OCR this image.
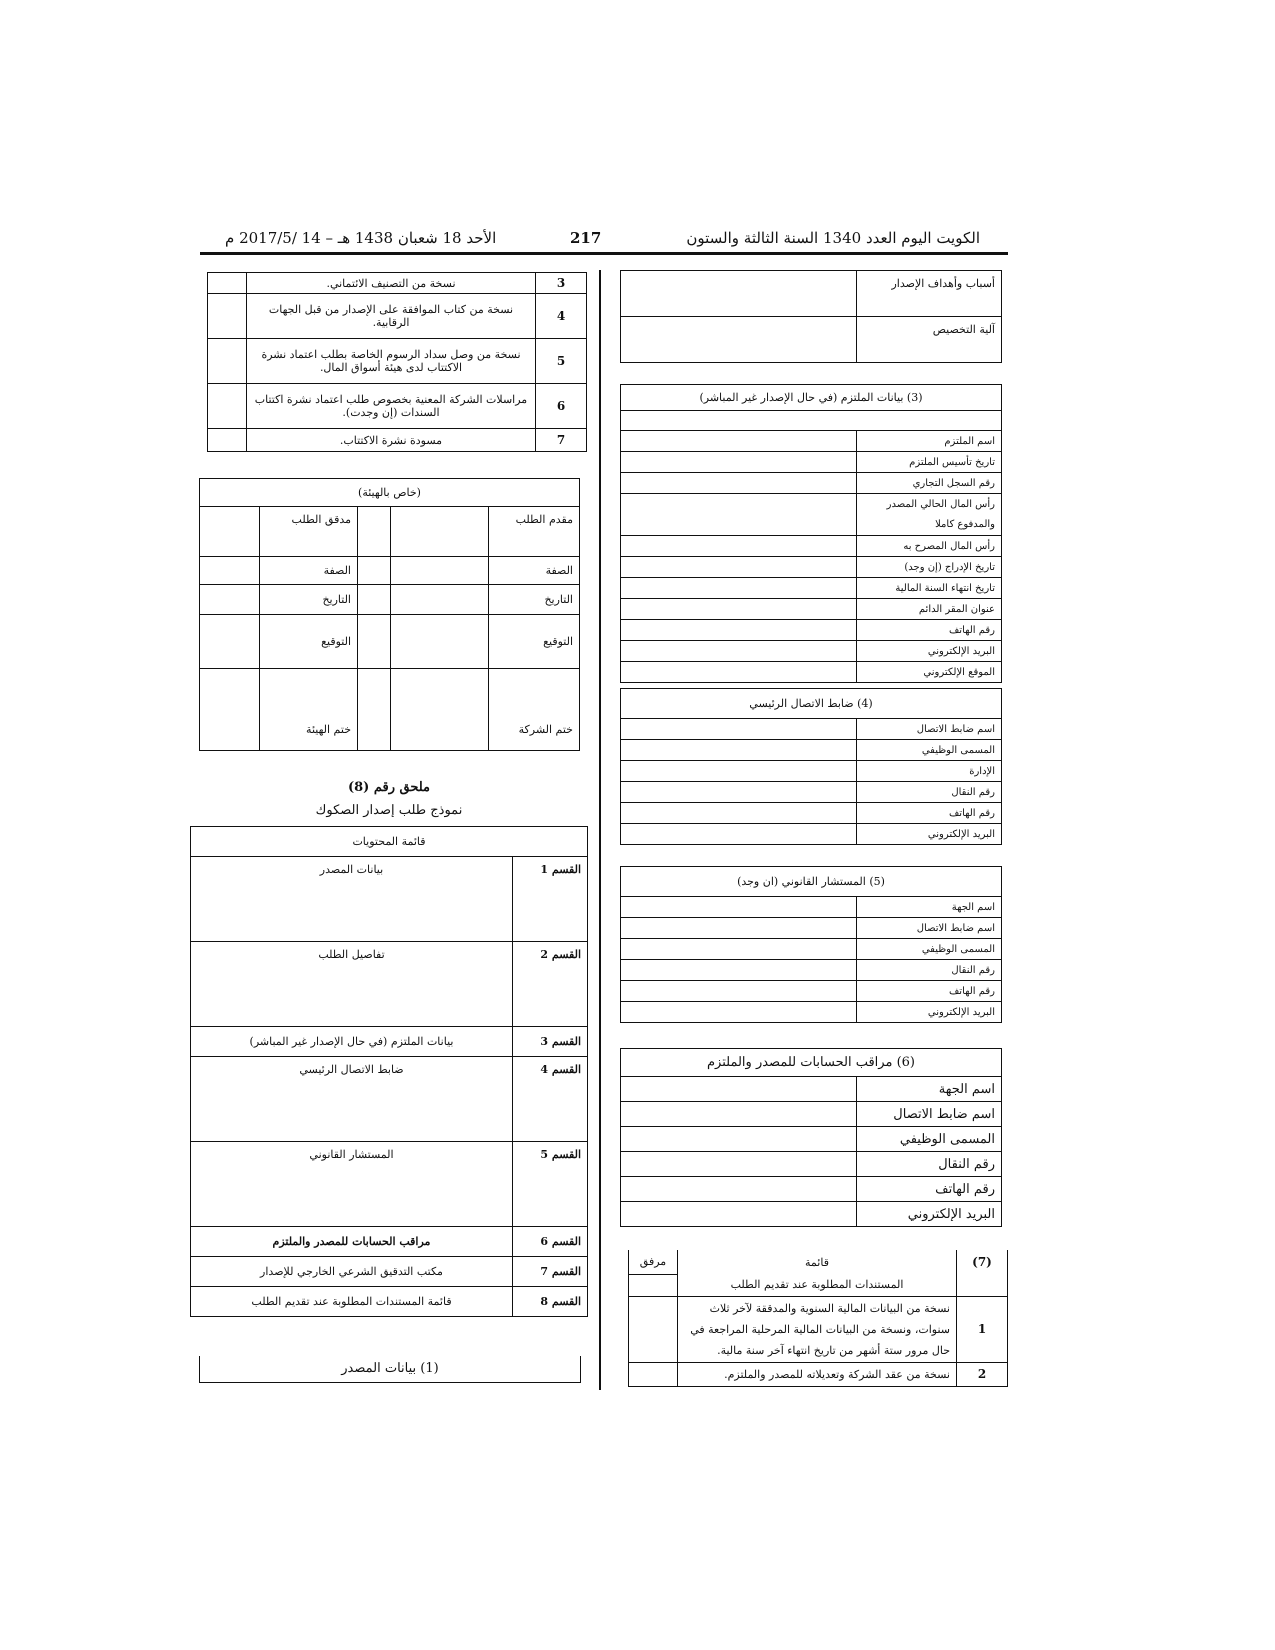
الكويت اليوم العدد 1340 السنة الثالثة والستون
217
الأحد 18 شعبان 1438 هـ – 14 /2017/5 م
3	نسخة من التصنيف الائتماني.	
4	نسخة من كتاب الموافقة على الإصدار من قبل الجهات الرقابية.	
5	نسخة من وصل سداد الرسوم الخاصة بطلب اعتماد نشرة الاكتتاب لدى هيئة أسواق المال.	
6	مراسلات الشركة المعنية بخصوص طلب اعتماد نشرة اكتتاب السندات (إن وجدت).	
7	مسودة نشرة الاكتتاب.	
(خاص بالهيئة)				
مقدم الطلب			مدقق الطلب	
الصفة			الصفة	
التاريخ			التاريخ	
التوقيع			التوقيع	
ختم الشركة			ختم الهيئة	
ملحق رقم (8)
نموذج طلب إصدار الصكوك
قائمة المحتويات	
القسم 1	بيانات المصدر
القسم 2	تفاصيل الطلب
القسم 3	بيانات الملتزم (في حال الإصدار غير المباشر)
القسم 4	ضابط الاتصال الرئيسي
القسم 5	المستشار القانوني
القسم 6	مراقب الحسابات للمصدر والملتزم
القسم 7	مكتب التدقيق الشرعي الخارجي للإصدار
القسم 8	قائمة المستندات المطلوبة عند تقديم الطلب
(1) بيانات المصدر
أسباب وأهداف الإصدار	
آلية التخصيص	
(3) بيانات الملتزم (في حال الإصدار غير المباشر)	

اسم الملتزم	
تاريخ تأسيس الملتزم	
رقم السجل التجاري	
رأس المال الحالي المصدر والمدفوع كاملا	
رأس المال المصرح به	
تاريخ الإدراج (إن وجد)	
تاريخ انتهاء السنة المالية	
عنوان المقر الدائم	
رقم الهاتف	
البريد الإلكتروني	
الموقع الإلكتروني	
(4) ضابط الاتصال الرئيسي	
اسم ضابط الاتصال	
المسمى الوظيفي	
الإدارة	
رقم النقال	
رقم الهاتف	
البريد الإلكتروني	
(5) المستشار القانوني (ان وجد)	
اسم الجهة	
اسم ضابط الاتصال	
المسمى الوظيفي	
رقم النقال	
رقم الهاتف	
البريد الإلكتروني	
(6) مراقب الحسابات للمصدر والملتزم	
اسم الجهة	
اسم ضابط الاتصال	
المسمى الوظيفي	
رقم النقال	
رقم الهاتف	
البريد الإلكتروني	
(7)	قائمة	مرفق
	المستندات المطلوبة عند تقديم الطلب	
1	نسخة من البيانات المالية السنوية والمدققة لآخر ثلاث سنوات، ونسخة من البيانات المالية المرحلية المراجعة في حال مرور ستة أشهر من تاريخ انتهاء آخر سنة مالية.	
2	نسخة من عقد الشركة وتعديلاته للمصدر والملتزم.	
